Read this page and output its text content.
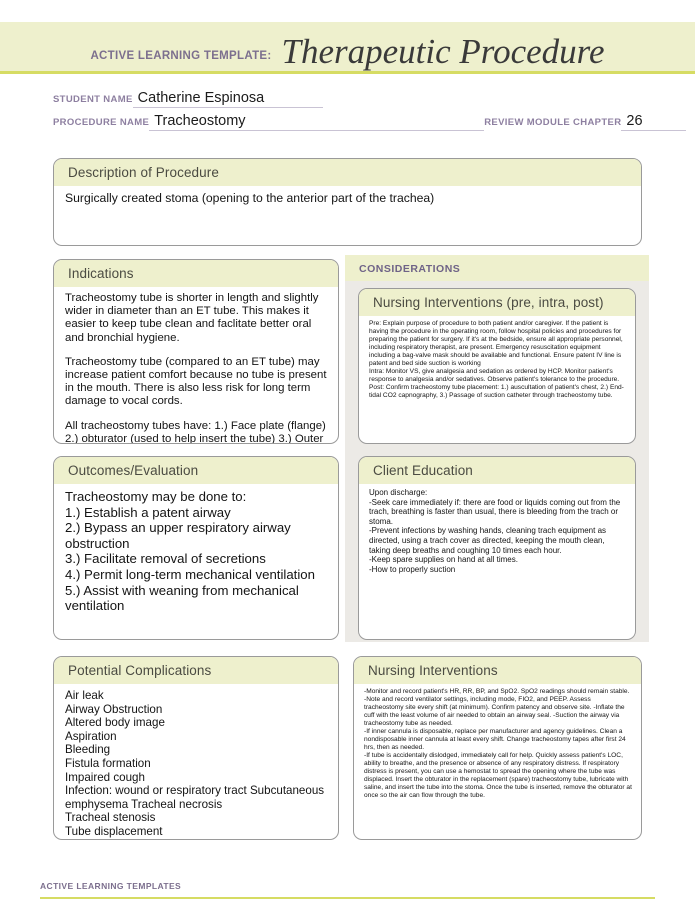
ACTIVE LEARNING TEMPLATE: Therapeutic Procedure
STUDENT NAME Catherine Espinosa
PROCEDURE NAME Tracheostomy	REVIEW MODULE CHAPTER 26
Description of Procedure
Surgically created stoma (opening to the anterior part of the trachea)
Indications
Tracheostomy tube is shorter in length and slightly wider in diameter than an ET tube. This makes it easier to keep tube clean and faclitate better oral and bronchial hygiene.
Tracheostomy tube (compared to an ET tube) may increase patient comfort because no tube is present in the mouth. There is also less risk for long term damage to vocal cords.
All tracheostomy tubes have: 1.) Face plate (flange) 2.) obturator (used to help insert the tube) 3.) Outer
CONSIDERATIONS
Nursing Interventions (pre, intra, post)
Pre: Explain purpose of procedure to both patient and/or caregiver. If the patient is having the procedure in the operating room, follow hospital policies and procedures for preparing the patient for surgery. If it's at the bedside, ensure all appropriate personnel, including respiratory therapist, are present. Emergency resuscitation equipment including a bag-valve mask should be available and functional. Ensure patent IV line is patent and bed side suction is working
Intra: Monitor VS, give analgesia and sedation as ordered by HCP. Monitor patient's response to analgesia and/or sedatives. Observe patient's tolerance to the procedure.
Post: Confirm tracheostomy tube placement: 1.) auscultation of patient's chest, 2.) End-tidal CO2 capnography, 3.) Passage of suction catheter through tracheostomy tube.
Outcomes/Evaluation
Tracheostomy may be done to:
1.) Establish a patent airway
2.) Bypass an upper respiratory airway obstruction
3.) Facilitate removal of secretions
4.) Permit long-term mechanical ventilation
5.) Assist with weaning from mechanical ventilation
Client Education
Upon discharge:
-Seek care immediately if: there are food or liquids coming out from the trach, breathing is faster than usual, there is bleeding from the trach or stoma.
-Prevent infections by washing hands, cleaning trach equipment as directed, using a trach cover as directed, keeping the mouth clean, taking deep breaths and coughing 10 times each hour.
-Keep spare supplies on hand at all times.
-How to properly suction
Potential Complications
Air leak
Airway Obstruction
Altered body image
Aspiration
Bleeding
Fistula formation
Impaired cough
Infection: wound or respiratory tract Subcutaneous emphysema Tracheal necrosis
Tracheal stenosis
Tube displacement
Nursing Interventions
-Monitor and record patient's HR, RR, BP, and SpO2. SpO2 readings should remain stable.
-Note and record ventilator settings, including mode, FIO2, and PEEP. Assess tracheostomy site every shift (at minimum). Confirm patency and observe site. -Inflate the cuff with the least volume of air needed to obtain an airway seal. -Suction the airway via tracheostomy tube as needed.
-If inner cannula is disposable, replace per manufacturer and agency guidelines. Clean a nondisposable inner cannula at least every shift. Change tracheostomy tapes after first 24 hrs, then as needed.
-If tube is accidentally dislodged, immediately call for help. Quickly assess patient's LOC, ability to breathe, and the presence or absence of any respiratory distress. If respiratory distress is present, you can use a hemostat to spread the opening where the tube was displaced. Insert the obturator in the replacement (spare) tracheostomy tube, lubricate with saline, and insert the tube into the stoma. Once the tube is inserted, remove the obturator at once so the air can flow through the tube.
ACTIVE LEARNING TEMPLATES
